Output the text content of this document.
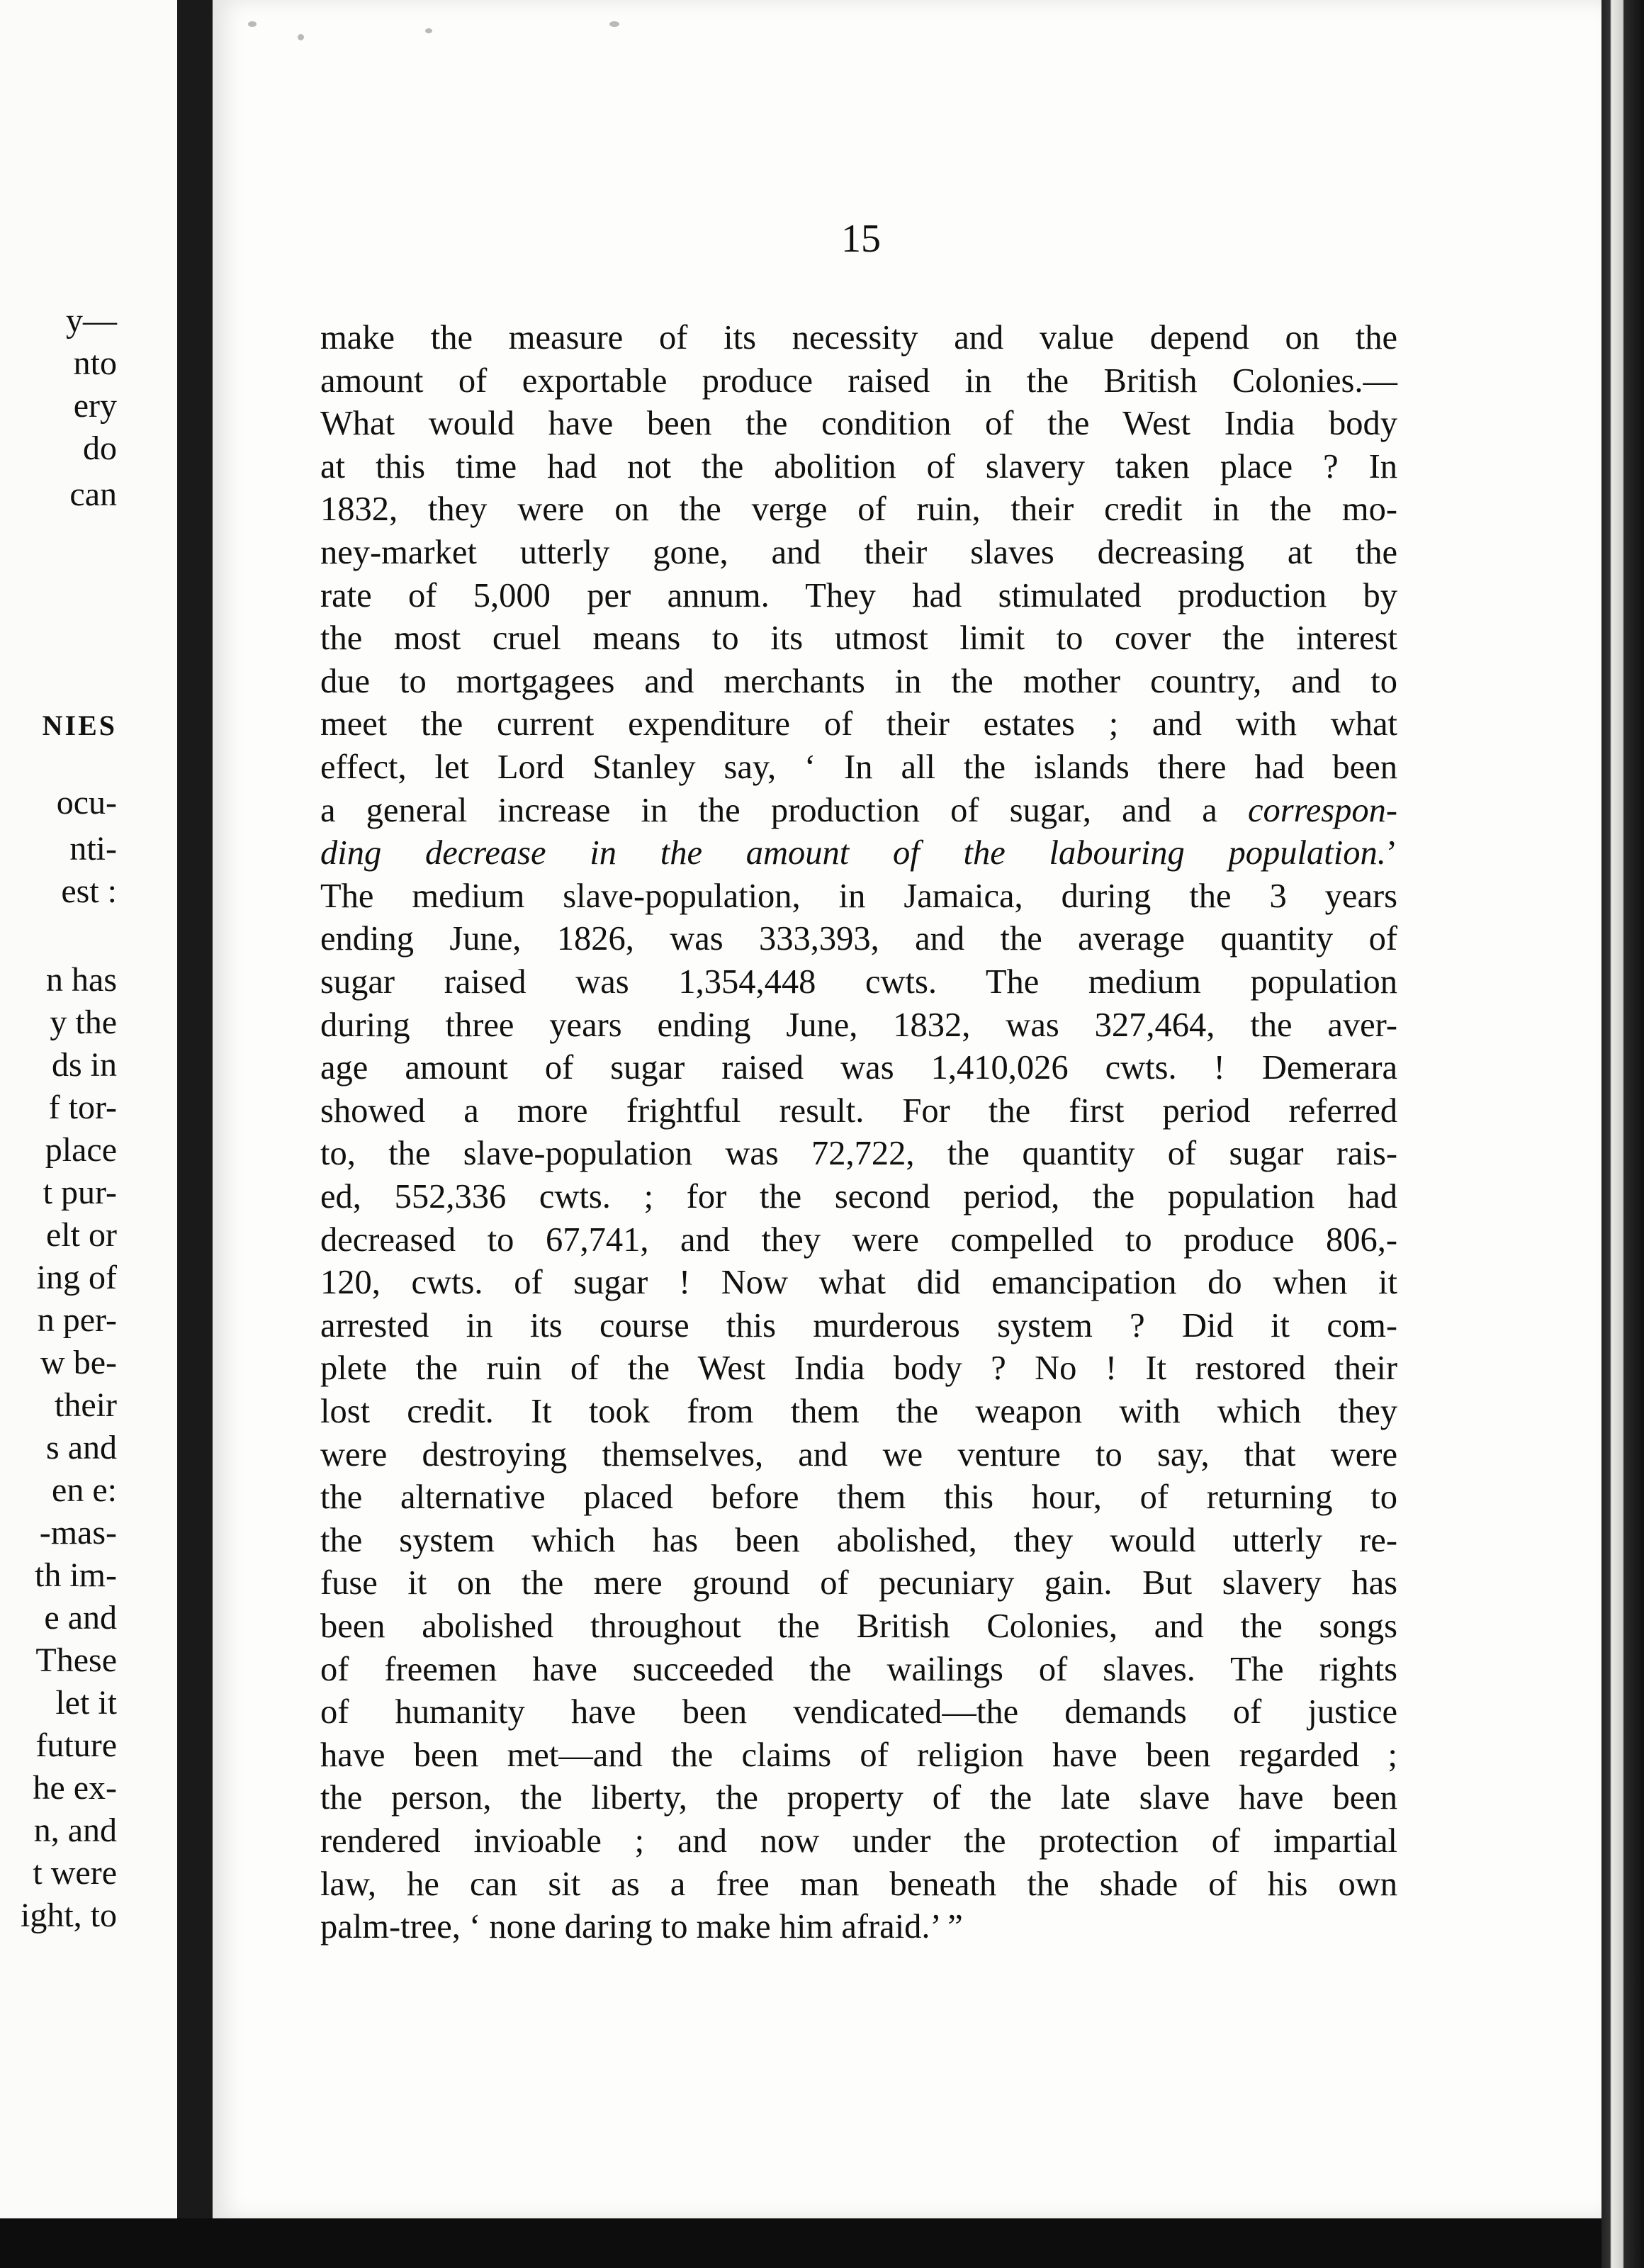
y—
nto
ery
do
can
NIES
ocu-
nti-
est :
n has
y the
ds in
f tor-
place
t pur-
elt or
ing of
n per-
w be-
their
s and
en e:
-mas-
th im-
e and
These
let it
future
he ex-
n, and
t were
ight, to
15
make the measure of its necessity and value depend on the
amount of exportable produce raised in the British Colonies.—
What would have been the condition of the West India body
at this time had not the abolition of slavery taken place ? In
1832, they were on the verge of ruin, their credit in the mo-
ney-market utterly gone, and their slaves decreasing at the
rate of 5,000 per annum. They had stimulated production by
the most cruel means to its utmost limit to cover the interest
due to mortgagees and merchants in the mother country, and to
meet the current expenditure of their estates ; and with what
effect, let Lord Stanley say, ‘ In all the islands there had been
a general increase in the production of sugar, and a correspon-
ding decrease in the amount of the labouring population.’
The medium slave-population, in Jamaica, during the 3 years
ending June, 1826, was 333,393, and the average quantity of
sugar raised was 1,354,448 cwts. The medium population
during three years ending June, 1832, was 327,464, the aver-
age amount of sugar raised was 1,410,026 cwts. ! Demerara
showed a more frightful result. For the first period referred
to, the slave-population was 72,722, the quantity of sugar rais-
ed, 552,336 cwts. ; for the second period, the population had
decreased to 67,741, and they were compelled to produce 806,-
120, cwts. of sugar ! Now what did emancipation do when it
arrested in its course this murderous system ? Did it com-
plete the ruin of the West India body ? No ! It restored their
lost credit. It took from them the weapon with which they
were destroying themselves, and we venture to say, that were
the alternative placed before them this hour, of returning to
the system which has been abolished, they would utterly re-
fuse it on the mere ground of pecuniary gain. But slavery has
been abolished throughout the British Colonies, and the songs
of freemen have succeeded the wailings of slaves. The rights
of humanity have been vendicated—the demands of justice
have been met—and the claims of religion have been regarded ;
the person, the liberty, the property of the late slave have been
rendered invioable ; and now under the protection of impartial
law, he can sit as a free man beneath the shade of his own
palm-tree, ‘ none daring to make him afraid.’ ”
